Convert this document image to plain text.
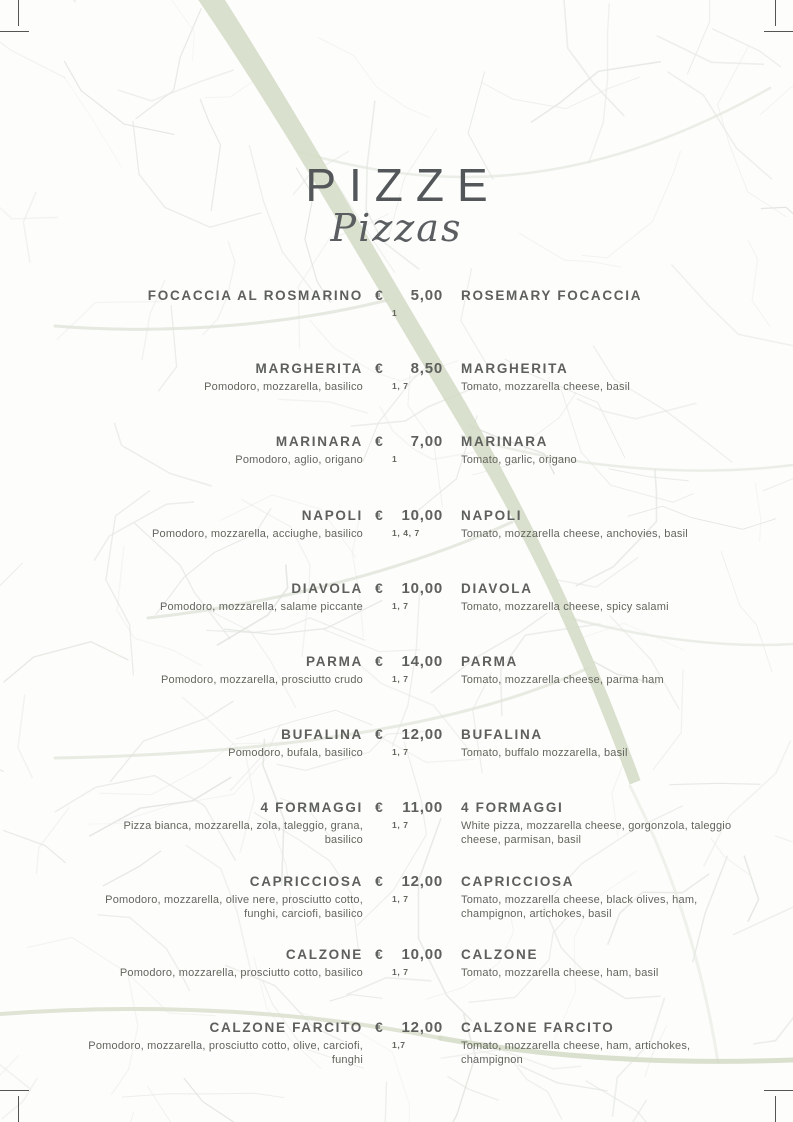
PIZZE
Pizzas
FOCACCIA AL ROSMARINO € 5,00
1
ROSEMARY FOCACCIA
MARGHERITA
Pomodoro, mozzarella, basilico
€ 8,50
1, 7
MARGHERITA
Tomato, mozzarella cheese, basil
MARINARA
Pomodoro, aglio, origano
€ 7,00
1
MARINARA
Tomato, garlic, origano
NAPOLI
Pomodoro, mozzarella, acciughe, basilico
€ 10,00
1, 4, 7
NAPOLI
Tomato, mozzarella cheese, anchovies, basil
DIAVOLA
Pomodoro, mozzarella, salame piccante
€ 10,00
1, 7
DIAVOLA
Tomato, mozzarella cheese, spicy salami
PARMA
Pomodoro, mozzarella, prosciutto crudo
€ 14,00
1, 7
PARMA
Tomato, mozzarella cheese, parma ham
BUFALINA
Pomodoro, bufala, basilico
€ 12,00
1, 7
BUFALINA
Tomato, buffalo mozzarella, basil
4 FORMAGGI
Pizza bianca, mozzarella, zola, taleggio, grana, basilico
€ 11,00
1, 7
4 FORMAGGI
White pizza, mozzarella cheese, gorgonzola, taleggio cheese, parmisan, basil
CAPRICCIOSA
Pomodoro, mozzarella, olive nere, prosciutto cotto, funghi, carciofi, basilico
€ 12,00
1, 7
CAPRICCIOSA
Tomato, mozzarella cheese, black olives, ham, champignon, artichokes, basil
CALZONE
Pomodoro, mozzarella, prosciutto cotto, basilico
€ 10,00
1, 7
CALZONE
Tomato, mozzarella cheese, ham, basil
CALZONE FARCITO
Pomodoro, mozzarella, prosciutto cotto, olive, carciofi, funghi
€ 12,00
1,7
CALZONE FARCITO
Tomato, mozzarella cheese, ham, artichokes, champignon
